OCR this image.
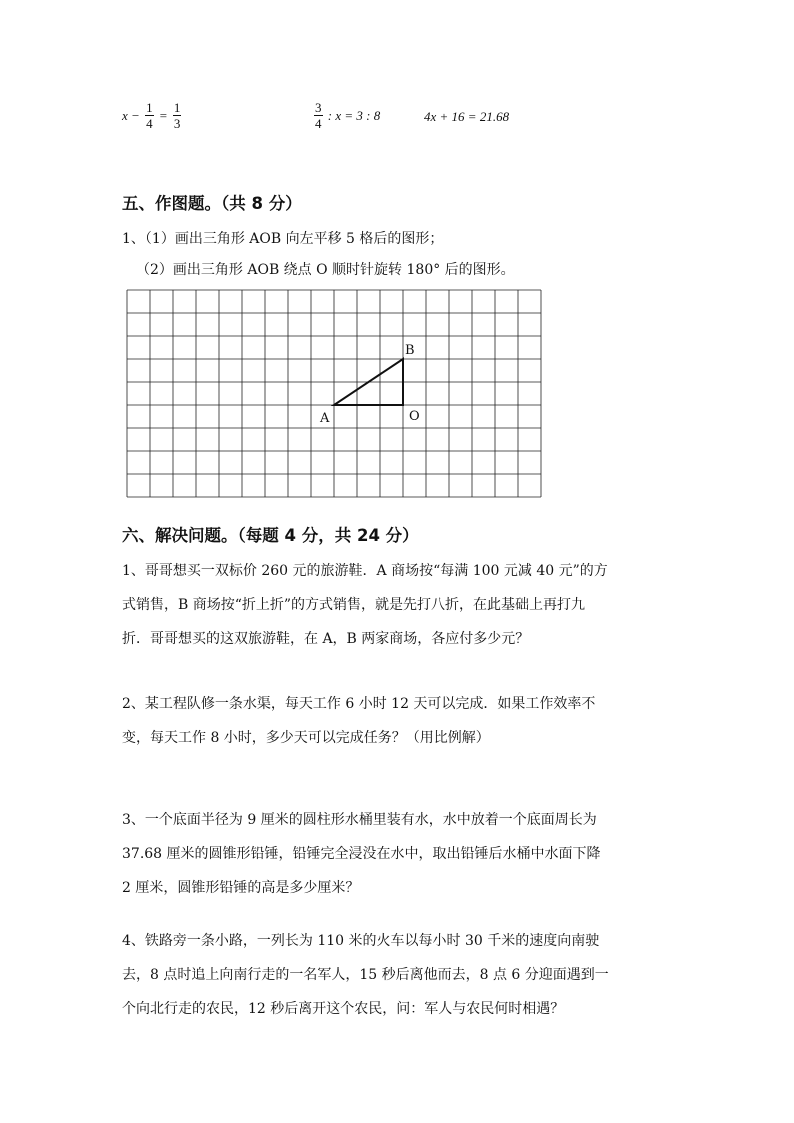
$x - \frac{1}{4} = \frac{1}{3}$	$\frac{3}{4}$ : x = 3 : 8	4x + 16 = 21.68
五、作图题。（共 8 分）
1、（1）画出三角形 AOB 向左平移 5 格后的图形；
（2）画出三角形 AOB 绕点 O 顺时针旋转 180° 后的图形。
A	O
B
六、解决问题。（每题 4 分，共 24 分）
1、哥哥想买一双标价 260 元的旅游鞋．A 商场按“每满 100 元减 40 元”的方
式销售，B 商场按“折上折”的方式销售，就是先打八折，在此基础上再打九
折．哥哥想买的这双旅游鞋，在 A，B 两家商场，各应付多少元？
2、某工程队修一条水渠，每天工作 6 小时 12 天可以完成．如果工作效率不
变，每天工作 8 小时，多少天可以完成任务？（用比例解）
3、一个底面半径为 9 厘米的圆柱形水桶里装有水，水中放着一个底面周长为
37.68 厘米的圆锥形铅锤，铅锤完全浸没在水中，取出铅锤后水桶中水面下降
2 厘米，圆锥形铅锤的高是多少厘米？
4、铁路旁一条小路，一列长为 110 米的火车以每小时 30 千米的速度向南驶
去，8 点时追上向南行走的一名军人，15 秒后离他而去，8 点 6 分迎面遇到一
个向北行走的农民，12 秒后离开这个农民，问：军人与农民何时相遇？
